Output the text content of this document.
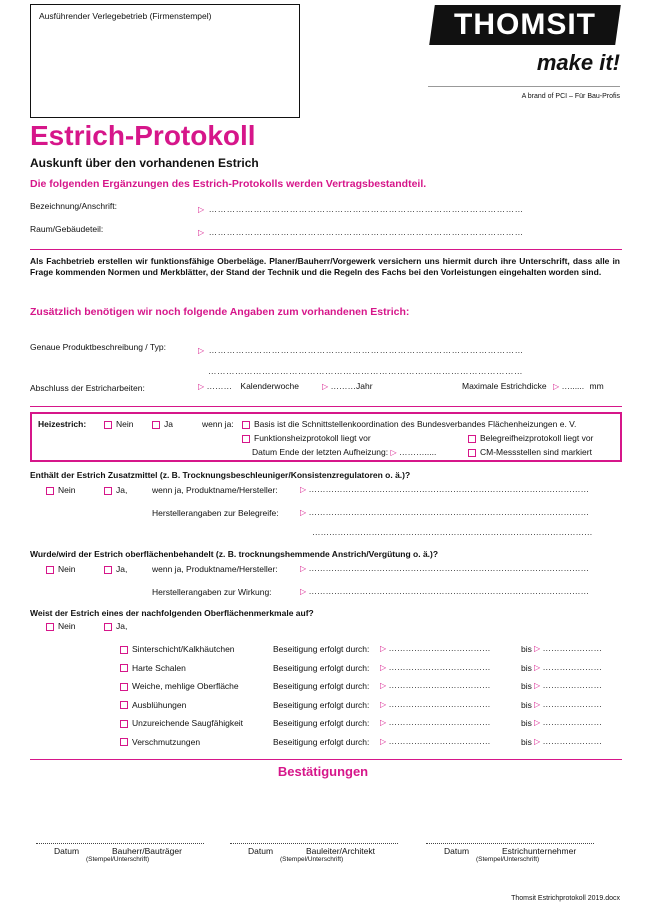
Ausführender Verlegebetrieb (Firmenstempel)	THOMSIT
make it!
A brand of PCI – Für Bau-Profis
Estrich-Protokoll
Auskunft über den vorhandenen Estrich
Die folgenden Ergänzungen des Estrich-Protokolls werden Vertragsbestandteil.
Bezeichnung/Anschrift:	▷ ……………………………………………………………………………………………
Raum/Gebäudeteil:	▷ ……………………………………………………………………………………………
Als Fachbetrieb erstellen wir funktionsfähige Oberbeläge. Planer/Bauherr/Vorgewerk versichern uns hiermit durch ihre Unterschrift, dass alle in Frage kommenden Normen und Merkblätter, der Stand der Technik und die Regeln des Fachs bei den Vorleistungen eingehalten worden sind.
Zusätzlich benötigen wir noch folgende Angaben zum vorhandenen Estrich:
Genaue Produktbeschreibung / Typ:	▷ ……………………………………………………………………………………………
……………………………………………………………………………………………
Abschluss der Estricharbeiten:	▷ ……… Kalenderwoche	▷ ………Jahr	Maximale Estrichdicke ▷ …...... mm
Heizestrich:	Nein	Ja	wenn ja:	Basis ist die Schnittstellenkoordination des Bundesverbandes Flächenheizungen e. V.
Funktionsheizprotokoll liegt vor	Belegreifheizprotokoll liegt vor
Datum Ende der letzten Aufheizung: ▷ ……….....	CM-Messstellen sind markiert
Enthält der Estrich Zusatzmittel (z. B. Trocknungsbeschleuniger/Konsistenzregulatoren o. ä.)?
Nein	Ja,	wenn ja, Produktname/Hersteller:	▷ ………………………………………………………………………………………
Herstellerangaben zur Belegreife:	▷ ………………………………………………………………………………………
………………………………………………………………………………………
Wurde/wird der Estrich oberflächenbehandelt (z. B. trocknungshemmende Anstrich/Vergütung o. ä.)?
Nein	Ja,	wenn ja, Produktname/Hersteller:	▷ ………………………………………………………………………………………
Herstellerangaben zur Wirkung:	▷ ………………………………………………………………………………………
Weist der Estrich eines der nachfolgenden Oberflächenmerkmale auf?
Nein	Ja,
Sinterschicht/Kalkhäutchen	Beseitigung erfolgt durch: ▷ ………………………………	bis ▷ …………………
Harte Schalen	Beseitigung erfolgt durch: ▷ ………………………………	bis ▷ …………………
Weiche, mehlige Oberfläche	Beseitigung erfolgt durch: ▷ ………………………………	bis ▷ …………………
Ausblühungen	Beseitigung erfolgt durch: ▷ ………………………………	bis ▷ …………………
Unzureichende Saugfähigkeit	Beseitigung erfolgt durch: ▷ ………………………………	bis ▷ …………………
Verschmutzungen	Beseitigung erfolgt durch: ▷ ………………………………	bis ▷ …………………
Bestätigungen
Datum	Bauherr/Bauträger
(Stempel/Unterschrift)
Datum	Bauleiter/Architekt
(Stempel/Unterschrift)
Datum	Estrichunternehmer
(Stempel/Unterschrift)
Thomsit Estrichprotokoll 2019.docx
